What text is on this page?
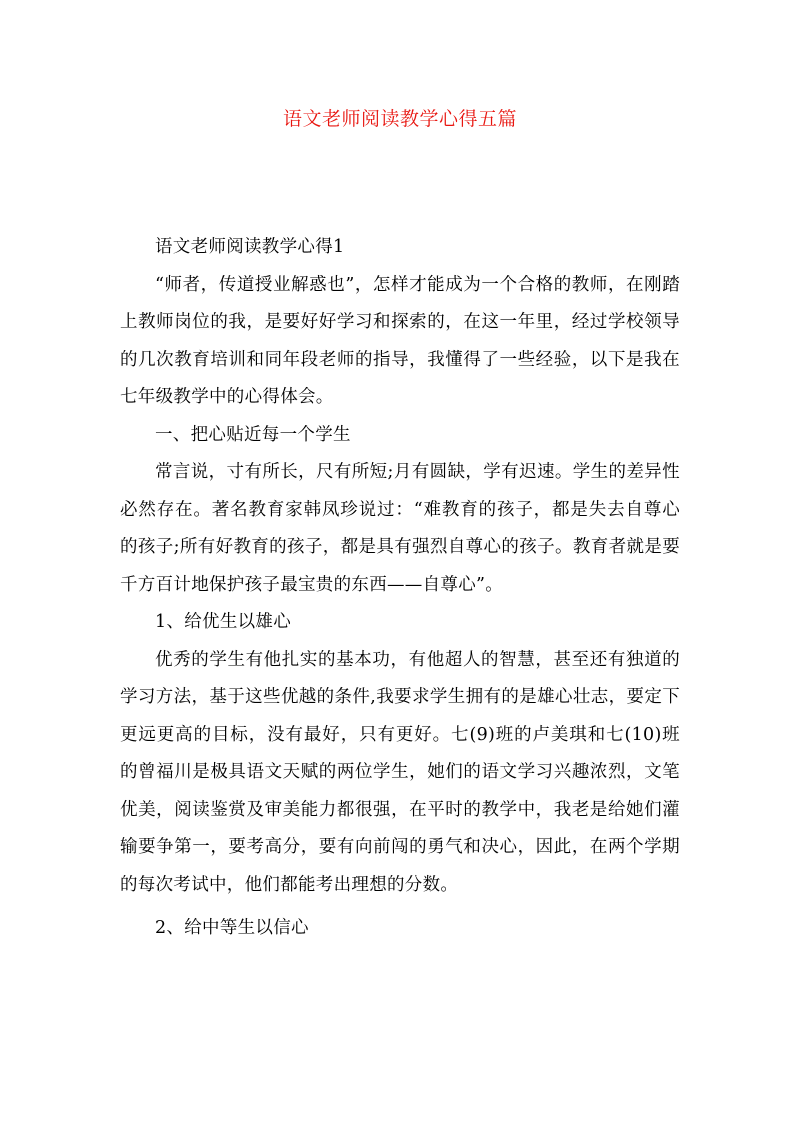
语文老师阅读教学心得五篇

语文老师阅读教学心得1

“师者，传道授业解惑也”，怎样才能成为一个合格的教师，在刚踏上教师岗位的我，是要好好学习和探索的，在这一年里，经过学校领导的几次教育培训和同年段老师的指导，我懂得了一些经验，以下是我在七年级教学中的心得体会。

一、把心贴近每一个学生

常言说，寸有所长，尺有所短;月有圆缺，学有迟速。学生的差异性必然存在。著名教育家韩凤珍说过：“难教育的孩子，都是失去自尊心的孩子;所有好教育的孩子，都是具有强烈自尊心的孩子。教育者就是要千方百计地保护孩子最宝贵的东西——自尊心”。

1、给优生以雄心

优秀的学生有他扎实的基本功，有他超人的智慧，甚至还有独道的学习方法，基于这些优越的条件,我要求学生拥有的是雄心壮志，要定下更远更高的目标，没有最好，只有更好。七(9)班的卢美琪和七(10)班的曾福川是极具语文天赋的两位学生，她们的语文学习兴趣浓烈，文笔优美，阅读鉴赏及审美能力都很强，在平时的教学中，我老是给她们灌输要争第一，要考高分，要有向前闯的勇气和决心，因此，在两个学期的每次考试中，他们都能考出理想的分数。

2、给中等生以信心
